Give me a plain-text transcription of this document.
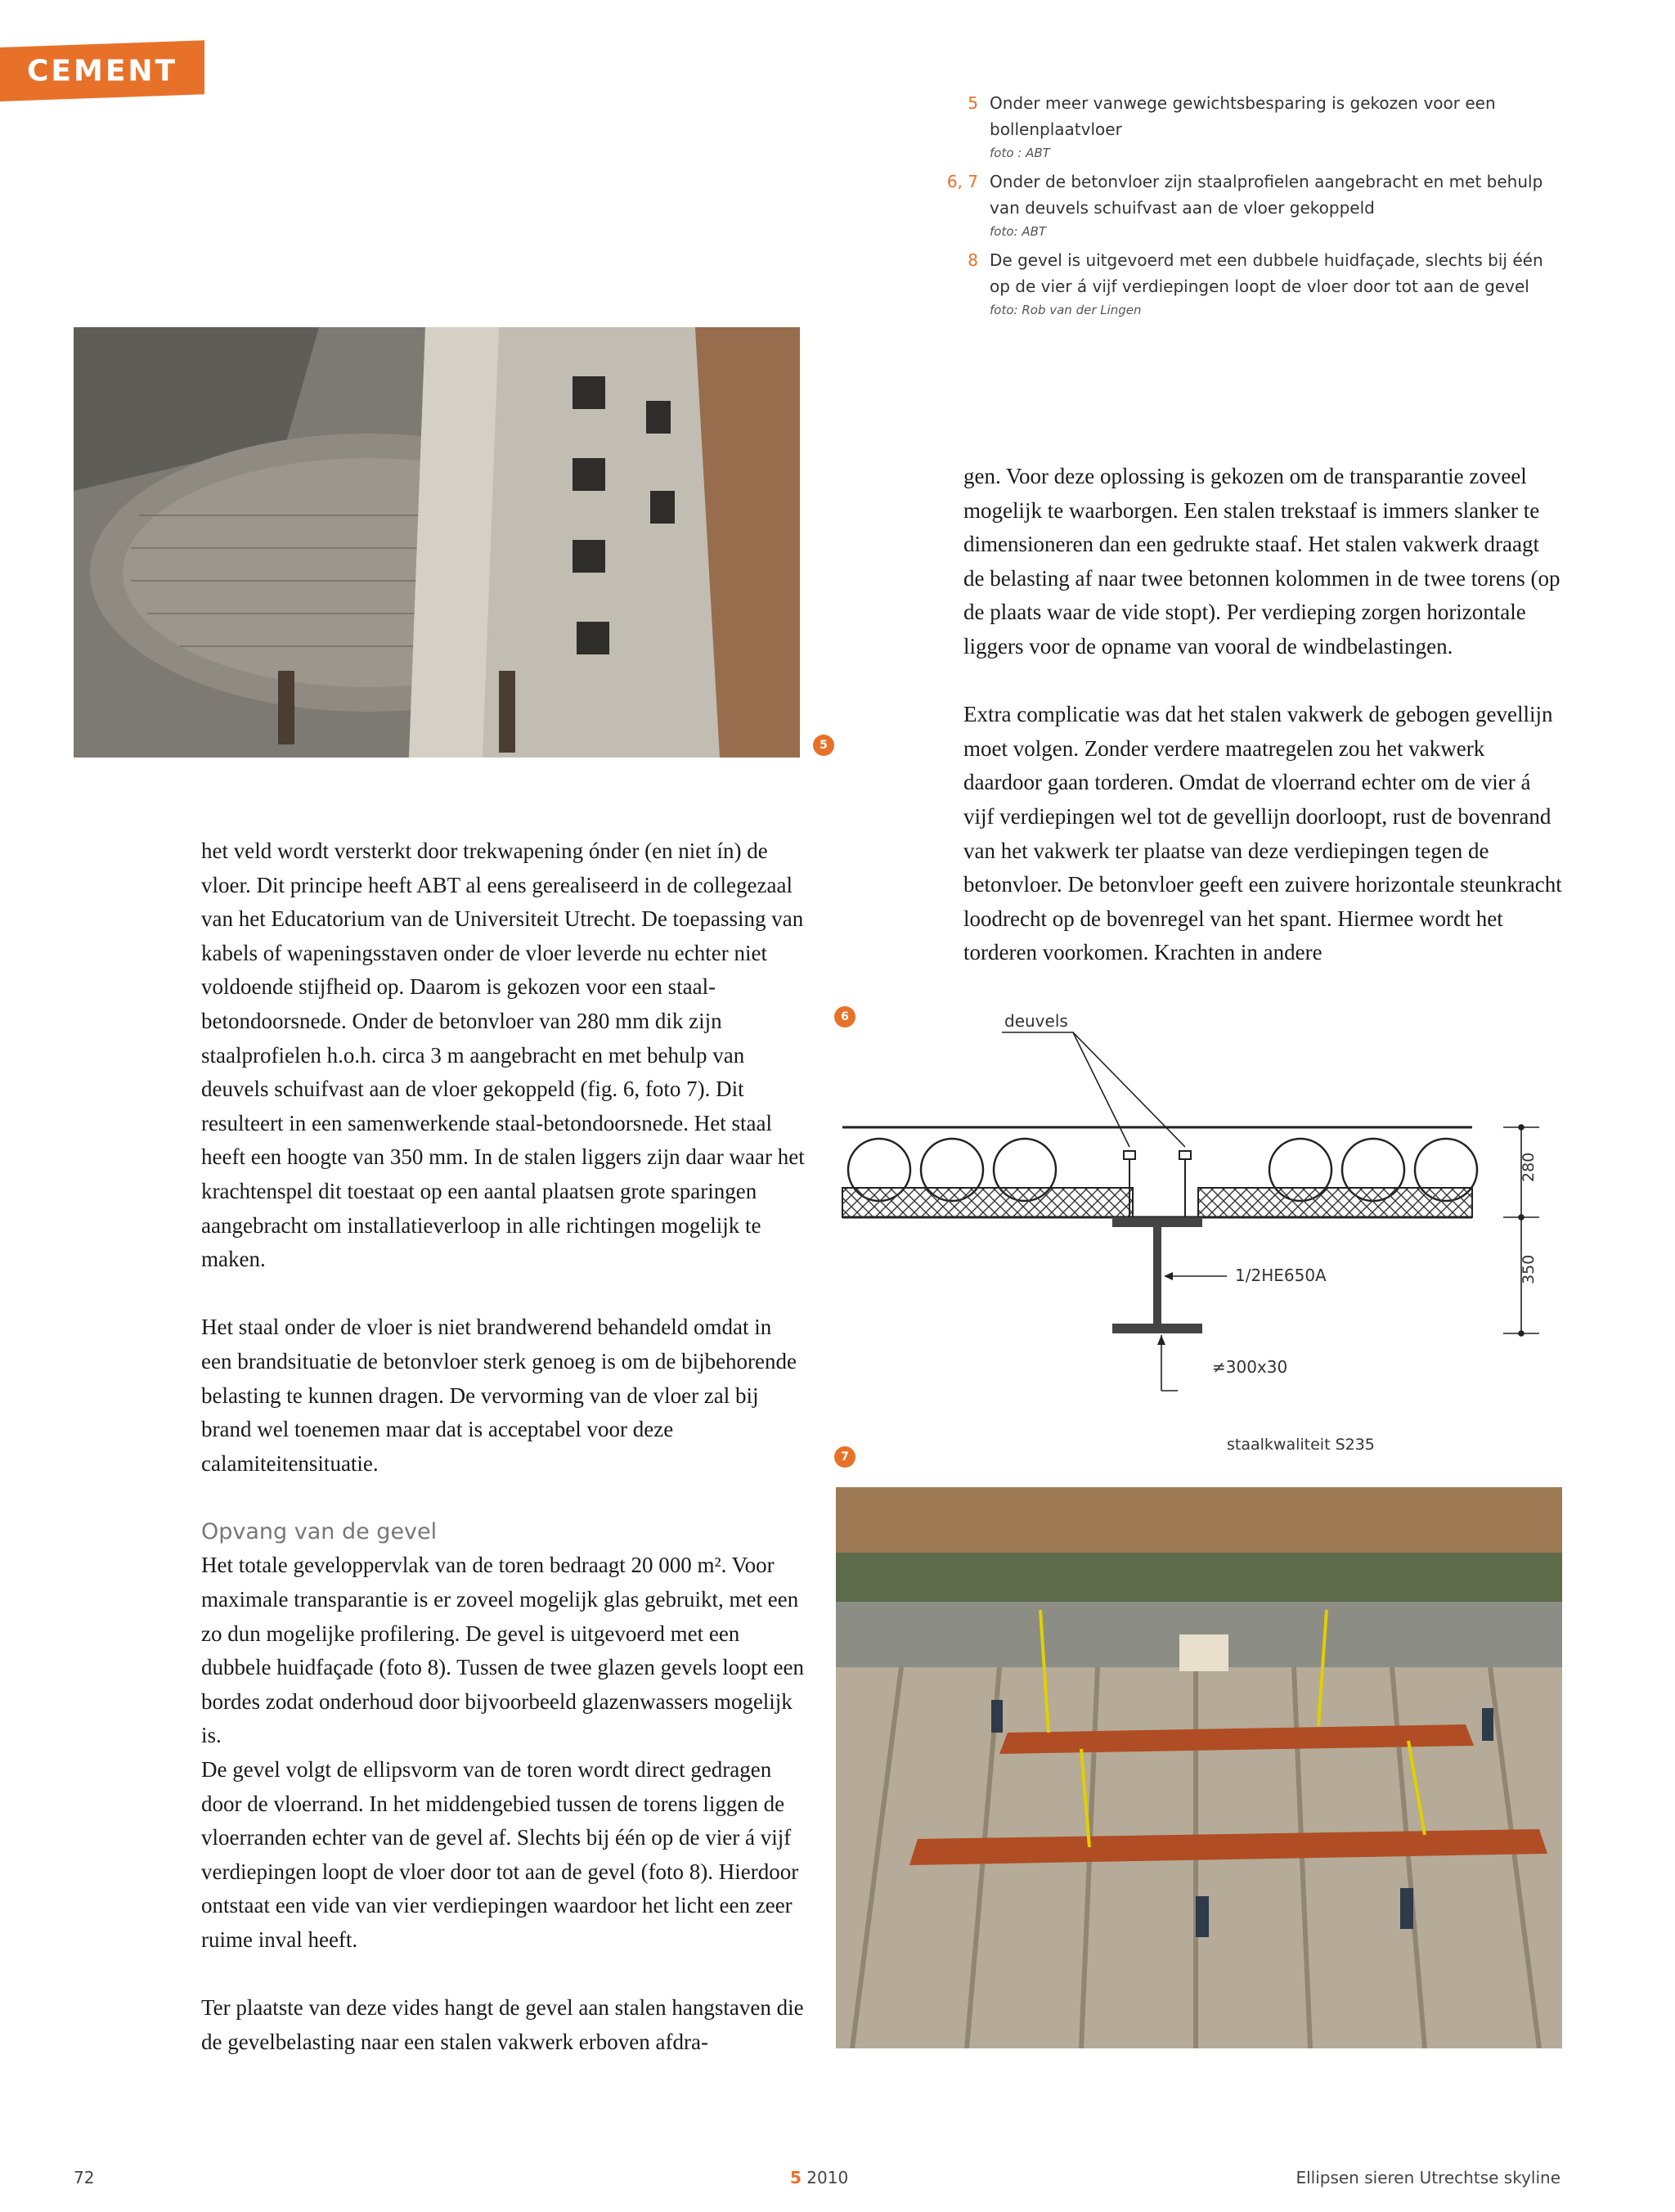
CEMENT
5 Onder meer vanwege gewichtsbesparing is gekozen voor een bollenplaatvloer
foto : ABT
6, 7 Onder de betonvloer zijn staalprofielen aangebracht en met behulp van deuvels schuifvast aan de vloer gekoppeld
foto: ABT
8 De gevel is uitgevoerd met een dubbele huidfaçade, slechts bij één op de vier á vijf verdiepingen loopt de vloer door tot aan de gevel
foto: Rob van der Lingen
5

het veld wordt versterkt door trekwapening ónder (en niet ín) de vloer. Dit principe heeft ABT al eens gerealiseerd in de collegezaal van het Educatorium van de Universiteit Utrecht. De toepassing van kabels of wapeningsstaven onder de vloer leverde nu echter niet voldoende stijfheid op. Daarom is gekozen voor een staal-betondoorsnede. Onder de betonvloer van 280 mm dik zijn staalprofielen h.o.h. circa 3 m aangebracht en met behulp van deuvels schuifvast aan de vloer gekoppeld (fig. 6, foto 7). Dit resulteert in een samenwerkende staal-betondoorsnede. Het staal heeft een hoogte van 350 mm. In de stalen liggers zijn daar waar het krachtenspel dit toestaat op een aantal plaatsen grote sparingen aangebracht om installatieverloop in alle richtingen mogelijk te maken.

Het staal onder de vloer is niet brandwerend behandeld omdat in een brandsituatie de betonvloer sterk genoeg is om de bijbehorende belasting te kunnen dragen. De vervorming van de vloer zal bij brand wel toenemen maar dat is acceptabel voor deze calamiteitensituatie.

Opvang van de gevel

Het totale geveloppervlak van de toren bedraagt 20 000 m². Voor maximale transparantie is er zoveel mogelijk glas gebruikt, met een zo dun mogelijke profilering. De gevel is uitgevoerd met een dubbele huidfaçade (foto 8). Tussen de twee glazen gevels loopt een bordes zodat onderhoud door bijvoorbeeld glazenwassers mogelijk is.

De gevel volgt de ellipsvorm van de toren wordt direct gedragen door de vloerrand. In het middengebied tussen de torens liggen de vloerranden echter van de gevel af. Slechts bij één op de vier á vijf verdiepingen loopt de vloer door tot aan de gevel (foto 8). Hierdoor ontstaat een vide van vier verdiepingen waardoor het licht een zeer ruime inval heeft.

Ter plaatste van deze vides hangt de gevel aan stalen hangstaven die de gevelbelasting naar een stalen vakwerk erboven afdra-

gen. Voor deze oplossing is gekozen om de transparantie zoveel mogelijk te waarborgen. Een stalen trekstaaf is immers slanker te dimensioneren dan een gedrukte staaf. Het stalen vakwerk draagt de belasting af naar twee betonnen kolommen in de twee torens (op de plaats waar de vide stopt). Per verdieping zorgen horizontale liggers voor de opname van vooral de windbelastingen.

Extra complicatie was dat het stalen vakwerk de gebogen gevellijn moet volgen. Zonder verdere maatregelen zou het vakwerk daardoor gaan torderen. Omdat de vloerrand echter om de vier á vijf verdiepingen wel tot de gevellijn doorloopt, rust de bovenrand van het vakwerk ter plaatse van deze verdiepingen tegen de betonvloer. De betonvloer geeft een zuivere horizontale steunkracht loodrecht op de bovenregel van het spant. Hiermee wordt het torderen voorkomen. Krachten in andere

6	deuvels
1/2HE650A
≠300x30
280
350
staalkwaliteit S235
7
72	5 2010	Ellipsen sieren Utrechtse skyline
